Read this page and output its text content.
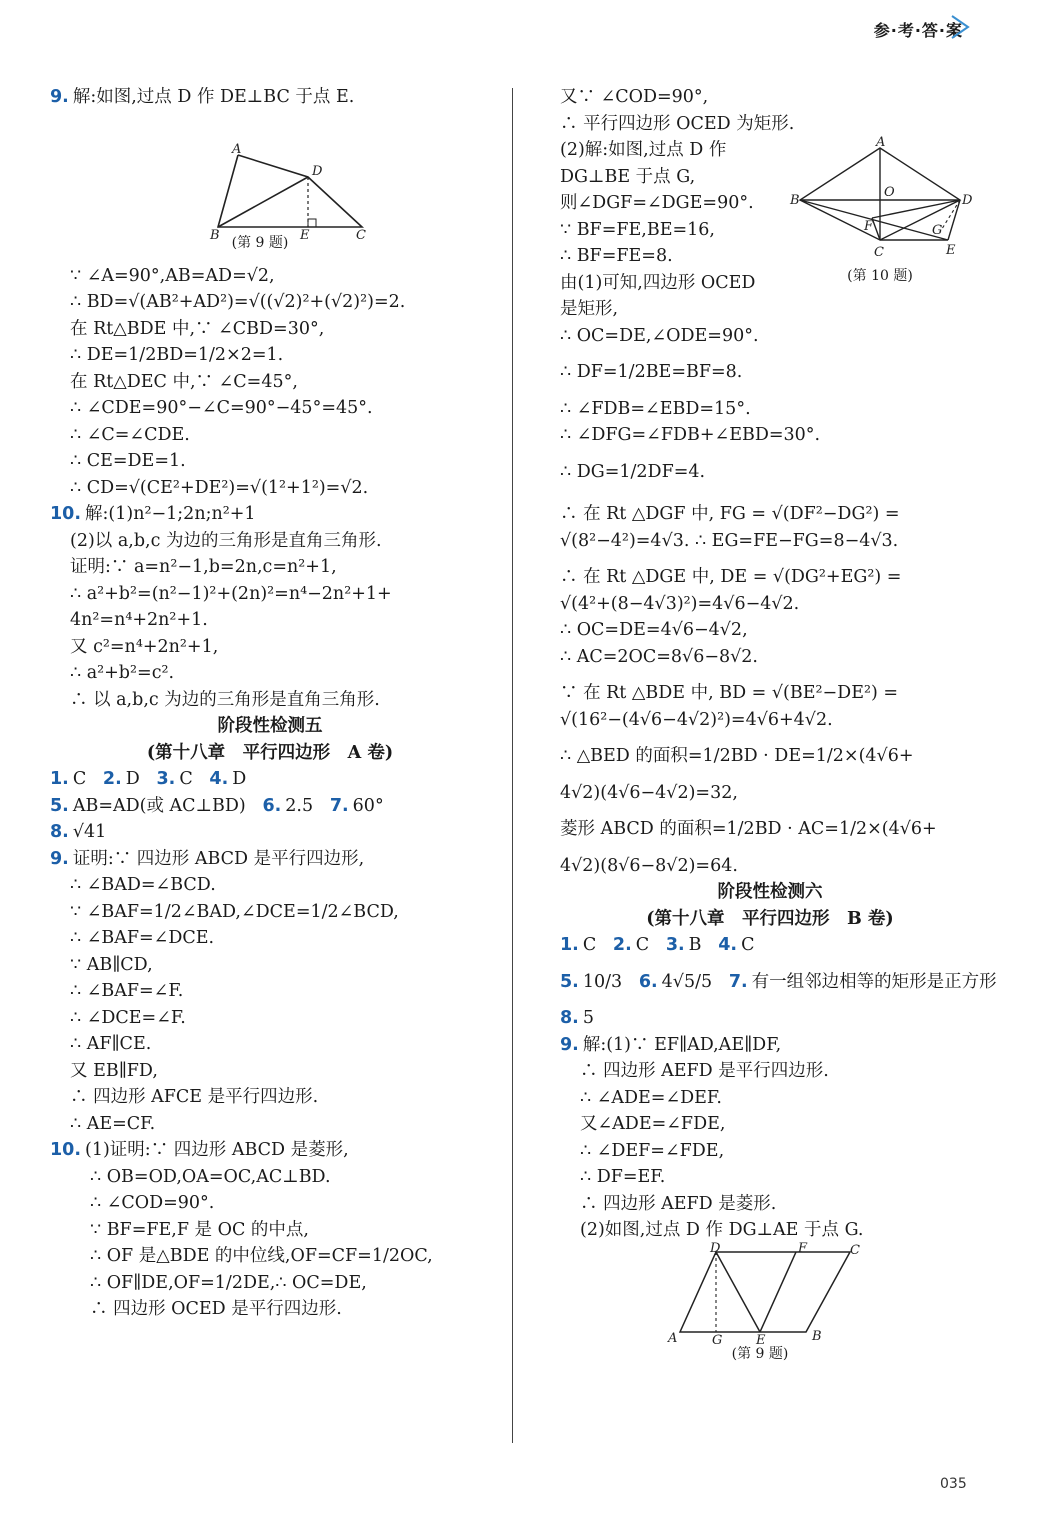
参·考·答·案
9. 解:如图,过点 D 作 DE⊥BC 于点 E.
A
D
B	E	C
(第 9 题)
∵ ∠A=90°,AB=AD=√2,
∴ BD=√(AB²+AD²)=√((√2)²+(√2)²)=2.
在 Rt△BDE 中,∵ ∠CBD=30°,
∴ DE=1/2BD=1/2×2=1.
在 Rt△DEC 中,∵ ∠C=45°,
∴ ∠CDE=90°−∠C=90°−45°=45°.
∴ ∠C=∠CDE.
∴ CE=DE=1.
∴ CD=√(CE²+DE²)=√(1²+1²)=√2.
10. 解:(1)n²−1;2n;n²+1
(2)以 a,b,c 为边的三角形是直角三角形.
证明:∵ a=n²−1,b=2n,c=n²+1,
∴ a²+b²=(n²−1)²+(2n)²=n⁴−2n²+1+
4n²=n⁴+2n²+1.
又 c²=n⁴+2n²+1,
∴ a²+b²=c².
∴ 以 a,b,c 为边的三角形是直角三角形.
阶段性检测五
(第十八章　平行四边形　A 卷)
1. C 2. D 3. C 4. D
5. AB=AD(或 AC⊥BD) 6. 2.5 7. 60°
8. √41
9. 证明:∵ 四边形 ABCD 是平行四边形,
∴ ∠BAD=∠BCD.
∵ ∠BAF=1/2∠BAD,∠DCE=1/2∠BCD,
∴ ∠BAF=∠DCE.
∵ AB∥CD,
∴ ∠BAF=∠F.
∴ ∠DCE=∠F.
∴ AF∥CE.
又 EB∥FD,
∴ 四边形 AFCE 是平行四边形.
∴ AE=CF.
10. (1)证明:∵ 四边形 ABCD 是菱形,
∴ OB=OD,OA=OC,AC⊥BD.
∴ ∠COD=90°.
∵ BF=FE,F 是 OC 的中点,
∴ OF 是△BDE 的中位线,OF=CF=1/2OC,
∴ OF∥DE,OF=1/2DE,∴ OC=DE,
∴ 四边形 OCED 是平行四边形.
A
O
B	D
F	G
C	E
(第 10 题)
又∵ ∠COD=90°,
∴ 平行四边形 OCED 为矩形.
(2)解:如图,过点 D 作
DG⊥BE 于点 G,
则∠DGF=∠DGE=90°.
∵ BF=FE,BE=16,
∴ BF=FE=8.
由(1)可知,四边形 OCED
是矩形,
∴ OC=DE,∠ODE=90°.
∴ DF=1/2BE=BF=8.
∴ ∠FDB=∠EBD=15°.
∴ ∠DFG=∠FDB+∠EBD=30°.
∴ DG=1/2DF=4.
∴ 在 Rt △DGF 中, FG = √(DF²−DG²) =
√(8²−4²)=4√3. ∴ EG=FE−FG=8−4√3.
∴ 在 Rt △DGE 中, DE = √(DG²+EG²) =
√(4²+(8−4√3)²)=4√6−4√2.
∴ OC=DE=4√6−4√2,
∴ AC=2OC=8√6−8√2.
∵ 在 Rt △BDE 中, BD = √(BE²−DE²) =
√(16²−(4√6−4√2)²)=4√6+4√2.
∴ △BED 的面积=1/2BD · DE=1/2×(4√6+
4√2)(4√6−4√2)=32,
菱形 ABCD 的面积=1/2BD · AC=1/2×(4√6+
4√2)(8√6−8√2)=64.
阶段性检测六
(第十八章　平行四边形　B 卷)
1. C 2. C 3. B 4. C
5. 10/3 6. 4√5/5 7. 有一组邻边相等的矩形是正方形
8. 5
9. 解:(1)∵ EF∥AD,AE∥DF,
∴ 四边形 AEFD 是平行四边形.
∴ ∠ADE=∠DEF.
又∠ADE=∠FDE,
∴ ∠DEF=∠FDE,
∴ DF=EF.
∴ 四边形 AEFD 是菱形.
(2)如图,过点 D 作 DG⊥AE 于点 G.
D	F	C
A	G	E	B
(第 9 题)
035
